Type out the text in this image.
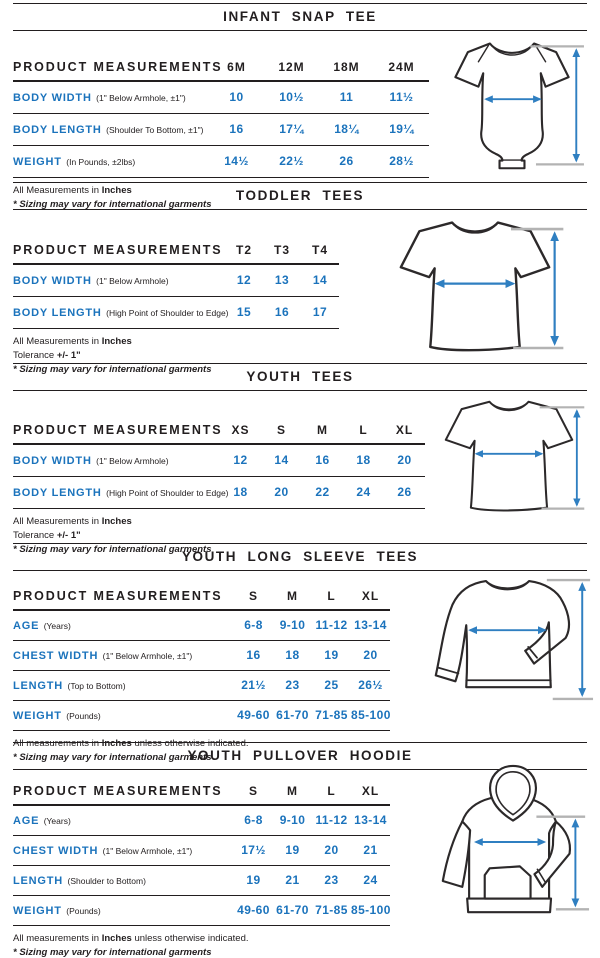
INFANT SNAP TEE
PRODUCT MEASUREMENTS	6M	12M	18M	24M
BODY WIDTH (1" Below Armhole, ±1")	10	10½	11	11½
BODY LENGTH (Shoulder To Bottom, ±1")	16	17¼	18¼	19¼
WEIGHT (In Pounds, ±2lbs)	14½	22½	26	28½
All Measurements in Inches
* Sizing may vary for international garments
TODDLER TEES
PRODUCT MEASUREMENTS	T2	T3	T4
BODY WIDTH (1" Below Armhole)	12	13	14
BODY LENGTH (High Point of Shoulder to Edge)	15	16	17
All Measurements in Inches
Tolerance +/- 1"
* Sizing may vary for international garments	YOUTH TEES
PRODUCT MEASUREMENTS	XS	S	M	L	XL
BODY WIDTH (1" Below Armhole)	12	14	16	18	20
BODY LENGTH (High Point of Shoulder to Edge)	18	20	22	24	26
All Measurements in Inches
Tolerance +/- 1"
* Sizing may vary for international garments
YOUTH LONG SLEEVE TEES
PRODUCT MEASUREMENTS	S	M	L	XL
AGE (Years)	6-8	9-10	11-12	13-14
CHEST WIDTH (1" Below Armhole, ±1")	16	18	19	20
LENGTH (Top to Bottom)	21½	23	25	26½
WEIGHT (Pounds)	49-60	61-70	71-85	85-100
All measurements in Inches unless otherwise indicated.
* Sizing may vary for international garments
YOUTH PULLOVER HOODIE
PRODUCT MEASUREMENTS	S	M	L	XL
AGE (Years)	6-8	9-10	11-12	13-14
CHEST WIDTH (1" Below Armhole, ±1")	17½	19	20	21
LENGTH (Shoulder to Bottom)	19	21	23	24
WEIGHT (Pounds)	49-60	61-70	71-85	85-100
All measurements in Inches unless otherwise indicated.
* Sizing may vary for international garments
